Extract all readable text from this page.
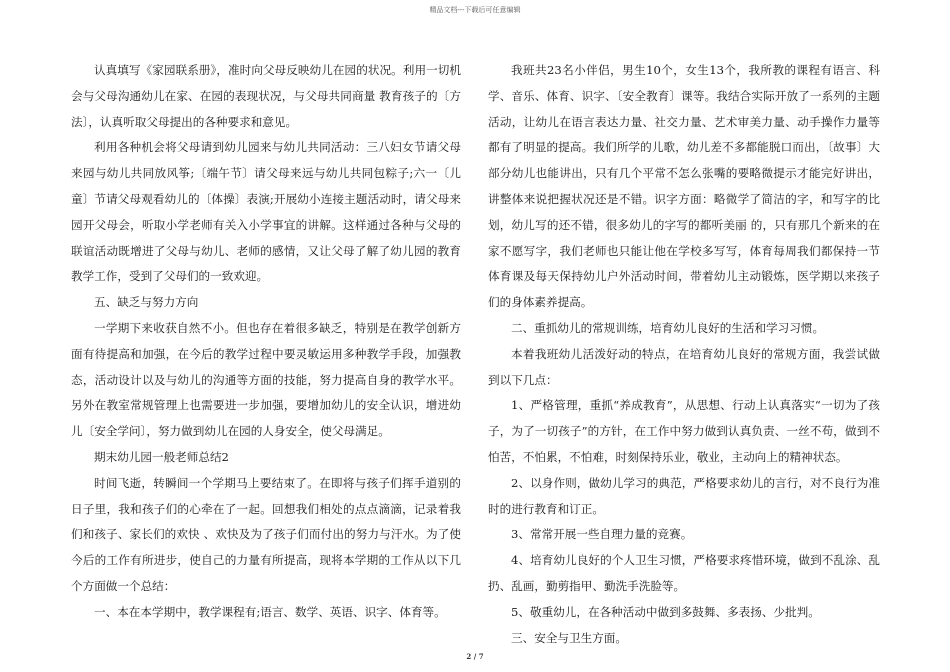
精品文档---下载后可任意编辑

认真填写《家园联系册》，准时向父母反映幼儿在园的状况。利用一切机会与父母沟通幼儿在家、在园的表现状况，与父母共同商量 教育孩子的〔方法〕，认真听取父母提出的各种要求和意见。

利用各种机会将父母请到幼儿园来与幼儿共同活动：三八妇女节请父母来园与幼儿共同放风筝;〔端午节〕请父母来远与幼儿共同包粽子;六一〔儿童〕节请父母观看幼儿的〔体操〕表演;开展幼小连接主题活动时，请父母来园开父母会，听取小学老师有关入小学事宜的讲解。这样通过各种与父母的联谊活动既增进了父母与幼儿、老师的感情，又让父母了解了幼儿园的教育教学工作，受到了父母们的一致欢迎。

五、缺乏与努力方向

一学期下来收获自然不小。但也存在着很多缺乏，特别是在教学创新方面有待提高和加强，在今后的教学过程中要灵敏运用多种教学手段，加强教态，活动设计以及与幼儿的沟通等方面的技能，努力提高自身的教学水平。另外在教室常规管理上也需要进一步加强，要增加幼儿的安全认识，增进幼儿〔安全学问〕，努力做到幼儿在园的人身安全，使父母满足。

期末幼儿园一般老师总结2

时间飞逝，转瞬间一个学期马上要结束了。在即将与孩子们挥手道别的日子里，我和孩子们的心牵在了一起。回想我们相处的点点滴滴，记录着我们和孩子、家长们的欢快 、欢快及为了孩子们而付出的努力与汗水。为了使今后的工作有所进步，使自己的力量有所提高，现将本学期的工作从以下几个方面做一个总结：

一、本在本学期中，教学课程有;语言、数学、英语、识字、体育等。

我班共23名小伴侣，男生10个，女生13个，我所教的课程有语言、科学、音乐、体育、识字、〔安全教育〕课等。我结合实际开放了一系列的主题活动，让幼儿在语言表达力量、社交力量、艺术审美力量、动手操作力量等都有了明显的提高。我们所学的儿歌，幼儿差不多都能脱口而出，〔故事〕大部分幼儿也能讲出，只有几个平常不怎么张嘴的要略微提示才能完好讲出，讲整体来说把握状况还是不错。识字方面：略微学了简洁的字，和写字的比划，幼儿写的还不错，很多幼儿的字写的都听美丽 的，只有那几个新来的在家不愿写字，我们老师也只能让他在学校多写写，体育每周我们都保持一节体育课及每天保持幼儿户外活动时间，带着幼儿主动锻炼，医学期以来孩子们的身体素养提高。

二、重抓幼儿的常规训练，培育幼儿良好的生活和学习习惯。

本着我班幼儿活泼好动的特点，在培育幼儿良好的常规方面，我尝试做到以下几点：

1、严格管理，重抓“养成教育”，从思想、行动上认真落实“一切为了孩子，为了一切孩子”的方针，在工作中努力做到认真负责、一丝不苟，做到不怕苦，不怕累，不怕难，时刻保持乐业，敬业，主动向上的精神状态。

2、以身作则，做幼儿学习的典范，严格要求幼儿的言行，对不良行为准时的进行教育和订正。

3、常常开展一些自理力量的竞赛。

4、培育幼儿良好的个人卫生习惯，严格要求疼惜环境，做到不乱涂、乱扔、乱画，勤剪指甲、勤洗手洗脸等。

5、敬重幼儿，在各种活动中做到多鼓舞、多表扬、少批判。

三、安全与卫生方面。

2 / 7
